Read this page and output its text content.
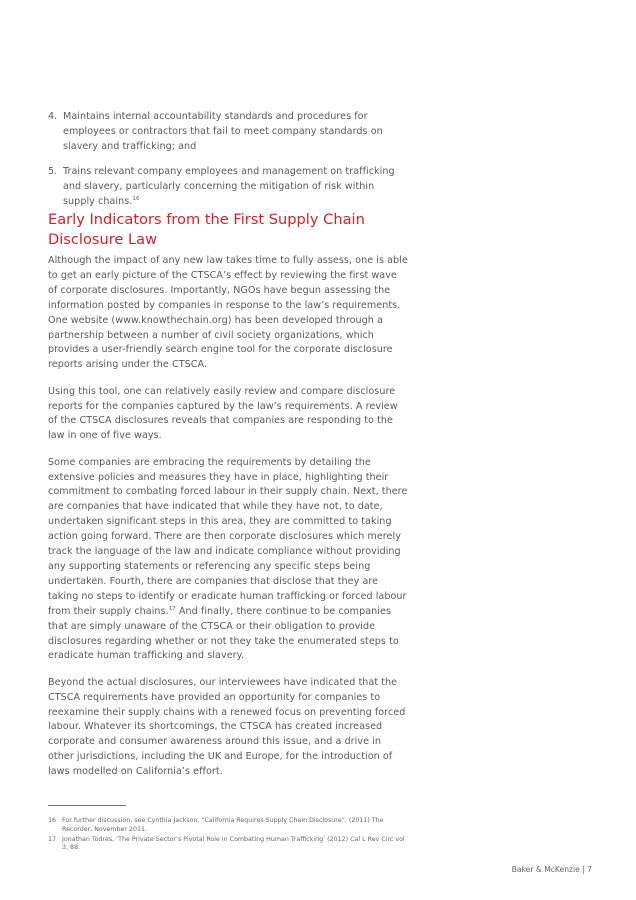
4. Maintains internal accountability standards and procedures for employees or contractors that fail to meet company standards on slavery and trafficking; and
5. Trains relevant company employees and management on trafficking and slavery, particularly concerning the mitigation of risk within supply chains.$^{16}$
Early Indicators from the First Supply Chain Disclosure Law

Although the impact of any new law takes time to fully assess, one is able to get an early picture of the CTSCA’s effect by reviewing the first wave of corporate disclosures. Importantly, NGOs have begun assessing the information posted by companies in response to the law’s requirements. One website (www.knowthechain.org) has been developed through a partnership between a number of civil society organizations, which provides a user-friendly search engine tool for the corporate disclosure reports arising under the CTSCA.

Using this tool, one can relatively easily review and compare disclosure reports for the companies captured by the law’s requirements. A review of the CTSCA disclosures reveals that companies are responding to the law in one of five ways.

Some companies are embracing the requirements by detailing the extensive policies and measures they have in place, highlighting their commitment to combating forced labour in their supply chain. Next, there are companies that have indicated that while they have not, to date, undertaken significant steps in this area, they are committed to taking action going forward. There are then corporate disclosures which merely track the language of the law and indicate compliance without providing any supporting statements or referencing any specific steps being undertaken. Fourth, there are companies that disclose that they are taking no steps to identify or eradicate human trafficking or forced labour from their supply chains.$^{17}$ And finally, there continue to be companies that are simply unaware of the CTSCA or their obligation to provide disclosures regarding whether or not they take the enumerated steps to eradicate human trafficking and slavery.

Beyond the actual disclosures, our interviewees have indicated that the CTSCA requirements have provided an opportunity for companies to reexamine their supply chains with a renewed focus on preventing forced labour. Whatever its shortcomings, the CTSCA has created increased corporate and consumer awareness around this issue, and a drive in other jurisdictions, including the UK and Europe, for the introduction of laws modelled on California’s effort.

16 For further discussion, see Cynthia Jackson, “California Requires Supply Chain Disclosure”, (2011) The Recorder, November 2011.
17 Jonathan Todres, ‘The Private Sector’s Pivotal Role in Combating Human Trafficking’ (2012) Cal L Rev Circ vol 3, 88.
Baker & McKenzie | 7
